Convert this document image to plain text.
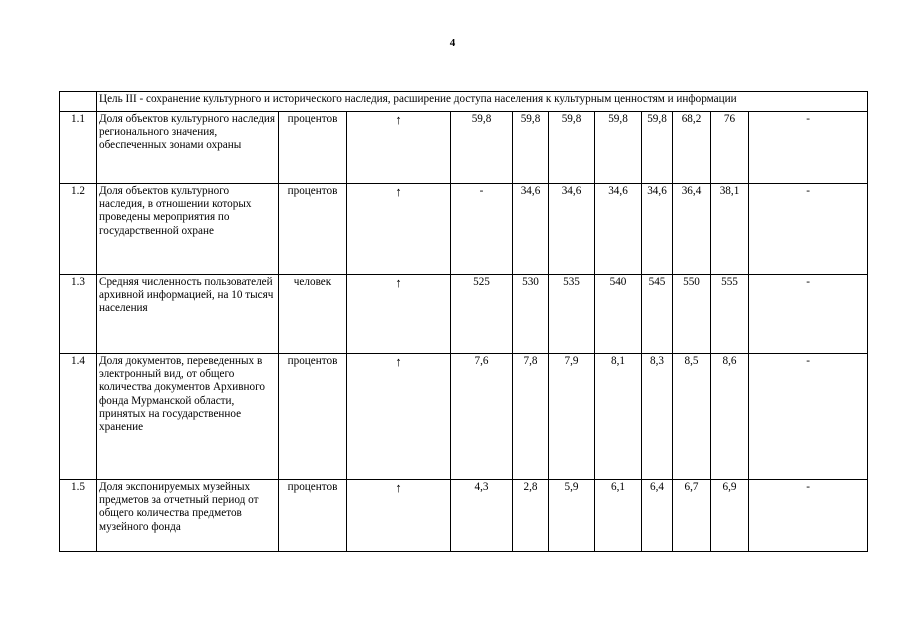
4
	Цель III - сохранение культурного и исторического наследия, расширение доступа населения к культурным ценностям и информации										
1.1	Доля объектов культурного наследия регионального значения, обеспеченных зонами охраны	процентов	↑	59,8	59,8	59,8	59,8	59,8	68,2	76	-
1.2	Доля объектов культурного наследия, в отношении которых проведены мероприятия по государственной охране	процентов	↑	-	34,6	34,6	34,6	34,6	36,4	38,1	-
1.3	Средняя численность пользователей архивной информацией, на 10 тысяч населения	человек	↑	525	530	535	540	545	550	555	-
1.4	Доля документов, переведенных в электронный вид, от общего количества документов Архивного фонда Мурманской области, принятых на государственное хранение	процентов	↑	7,6	7,8	7,9	8,1	8,3	8,5	8,6	-
1.5	Доля экспонируемых музейных предметов за отчетный период от общего количества предметов музейного фонда	процентов	↑	4,3	2,8	5,9	6,1	6,4	6,7	6,9	-
